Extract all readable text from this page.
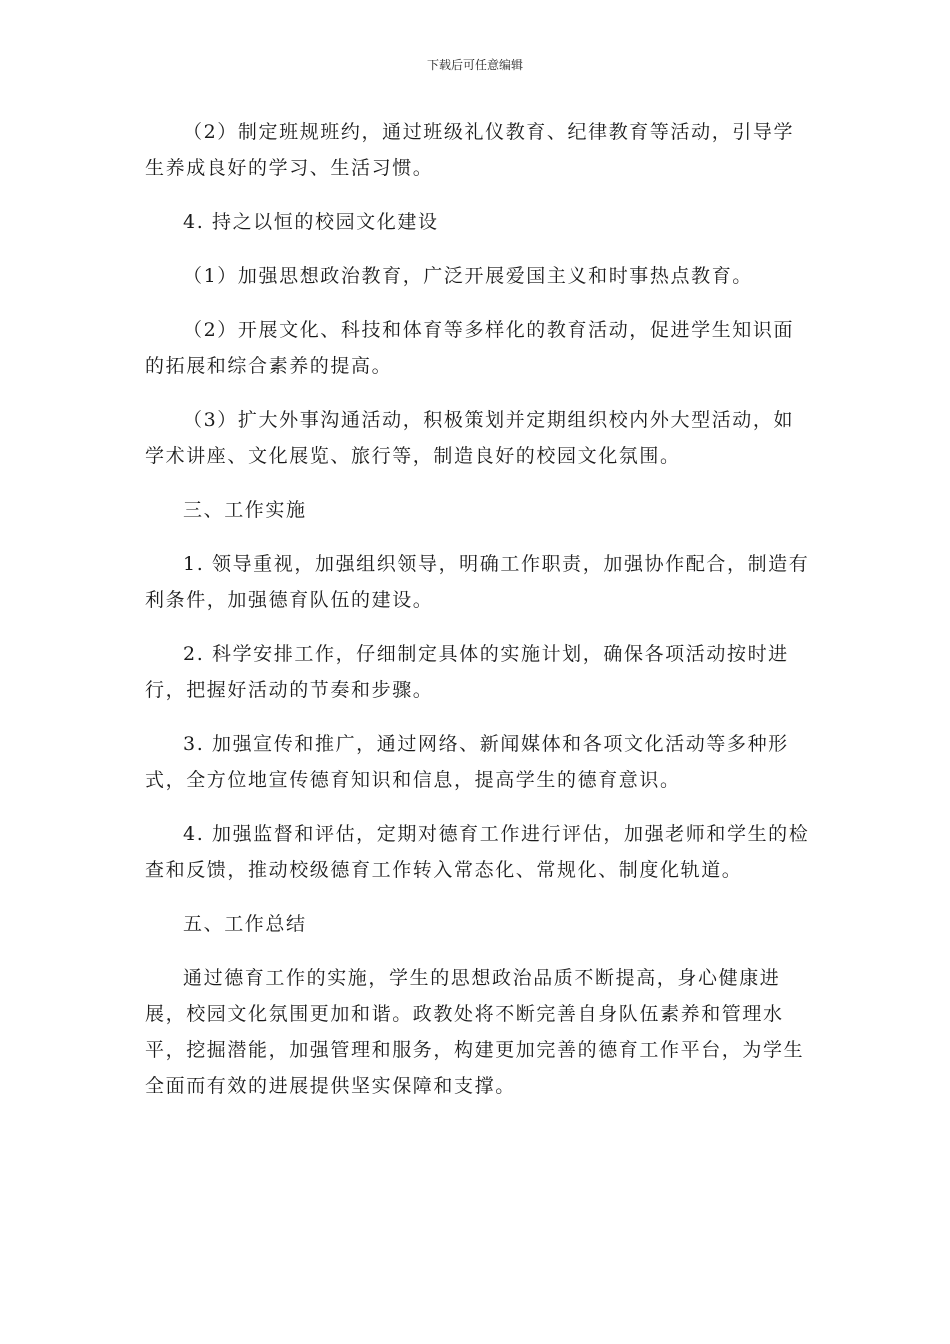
下载后可任意编辑

（2）制定班规班约，通过班级礼仪教育、纪律教育等活动，引导学生养成良好的学习、生活习惯。

4. 持之以恒的校园文化建设

（1）加强思想政治教育，广泛开展爱国主义和时事热点教育。

（2）开展文化、科技和体育等多样化的教育活动，促进学生知识面的拓展和综合素养的提高。

（3）扩大外事沟通活动，积极策划并定期组织校内外大型活动，如学术讲座、文化展览、旅行等，制造良好的校园文化氛围。

三、工作实施

1. 领导重视，加强组织领导，明确工作职责，加强协作配合，制造有利条件，加强德育队伍的建设。

2. 科学安排工作，仔细制定具体的实施计划，确保各项活动按时进行，把握好活动的节奏和步骤。

3. 加强宣传和推广，通过网络、新闻媒体和各项文化活动等多种形式，全方位地宣传德育知识和信息，提高学生的德育意识。

4. 加强监督和评估，定期对德育工作进行评估，加强老师和学生的检查和反馈，推动校级德育工作转入常态化、常规化、制度化轨道。

五、工作总结

通过德育工作的实施，学生的思想政治品质不断提高，身心健康进展，校园文化氛围更加和谐。政教处将不断完善自身队伍素养和管理水平，挖掘潜能，加强管理和服务，构建更加完善的德育工作平台，为学生全面而有效的进展提供坚实保障和支撑。
